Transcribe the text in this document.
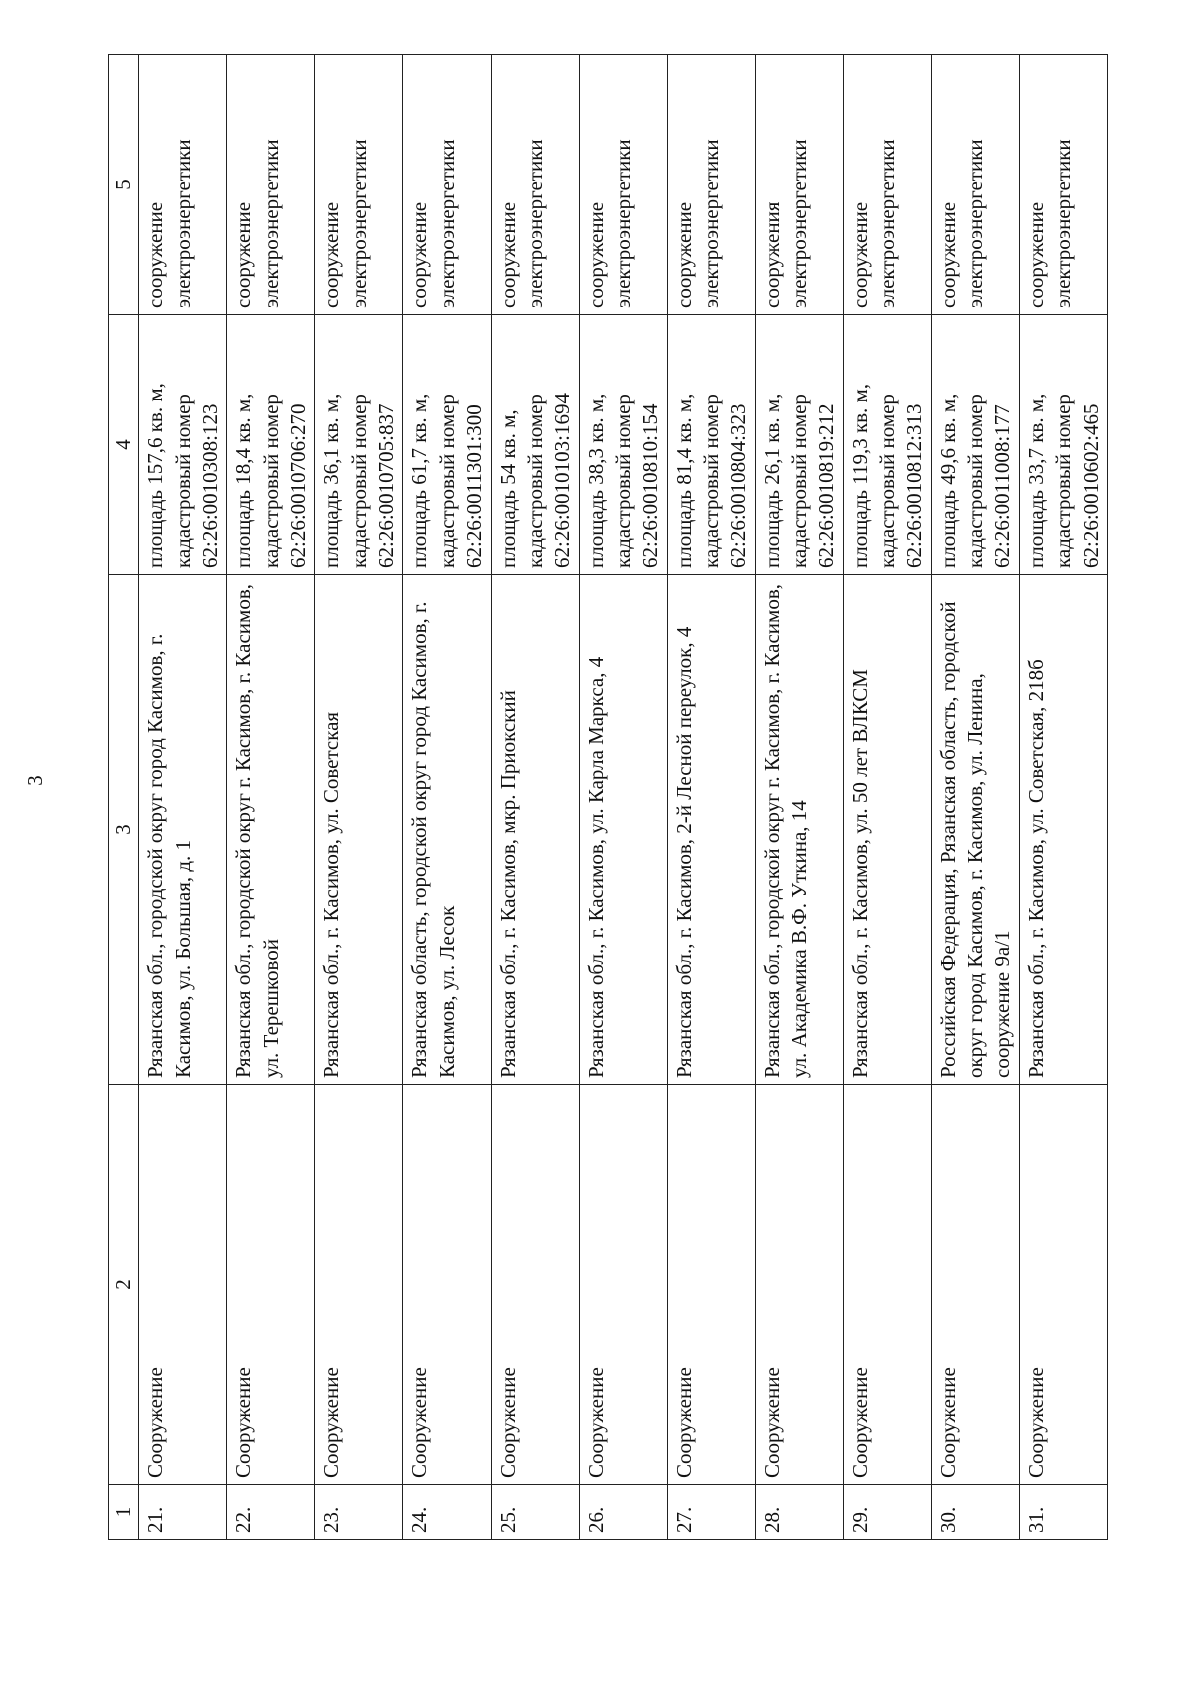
3
1	2	3	4	5
21.	Сооружение	Рязанская обл., городской округ город Касимов, г. Касимов, ул. Большая, д. 1	площадь 157,6 кв. м, кадастровый номер 62:26:0010308:123	сооружение электроэнергетики
22.	Сооружение	Рязанская обл., городской округ г. Касимов, г. Касимов, ул. Терешковой	площадь 18,4 кв. м, кадастровый номер 62:26:0010706:270	сооружение электроэнергетики
23.	Сооружение	Рязанская обл., г. Касимов, ул. Советская	площадь 36,1 кв. м, кадастровый номер 62:26:0010705:837	сооружение электроэнергетики
24.	Сооружение	Рязанская область, городской округ город Касимов, г. Касимов, ул. Лесок	площадь 61,7 кв. м, кадастровый номер 62:26:0011301:300	сооружение электроэнергетики
25.	Сооружение	Рязанская обл., г. Касимов, мкр. Приокский	площадь 54 кв. м, кадастровый номер 62:26:0010103:1694	сооружение электроэнергетики
26.	Сооружение	Рязанская обл., г. Касимов, ул. Карла Маркса, 4	площадь 38,3 кв. м, кадастровый номер 62:26:0010810:154	сооружение электроэнергетики
27.	Сооружение	Рязанская обл., г. Касимов, 2-й Лесной переулок, 4	площадь 81,4 кв. м, кадастровый номер 62:26:0010804:323	сооружение электроэнергетики
28.	Сооружение	Рязанская обл., городской округ г. Касимов, г. Касимов, ул. Академика В.Ф. Уткина, 14	площадь 26,1 кв. м, кадастровый номер 62:26:0010819:212	сооружения электроэнергетики
29.	Сооружение	Рязанская обл., г. Касимов, ул. 50 лет ВЛКСМ	площадь 119,3 кв. м, кадастровый номер 62:26:0010812:313	сооружение электроэнергетики
30.	Сооружение	Российская Федерация, Рязанская область, городской округ город Касимов, г. Касимов, ул. Ленина, сооружение 9а/1	площадь 49,6 кв. м, кадастровый номер 62:26:0011008:177	сооружение электроэнергетики
31.	Сооружение	Рязанская обл., г. Касимов, ул. Советская, 218б	площадь 33,7 кв. м, кадастровый номер 62:26:0010602:465	сооружение электроэнергетики
